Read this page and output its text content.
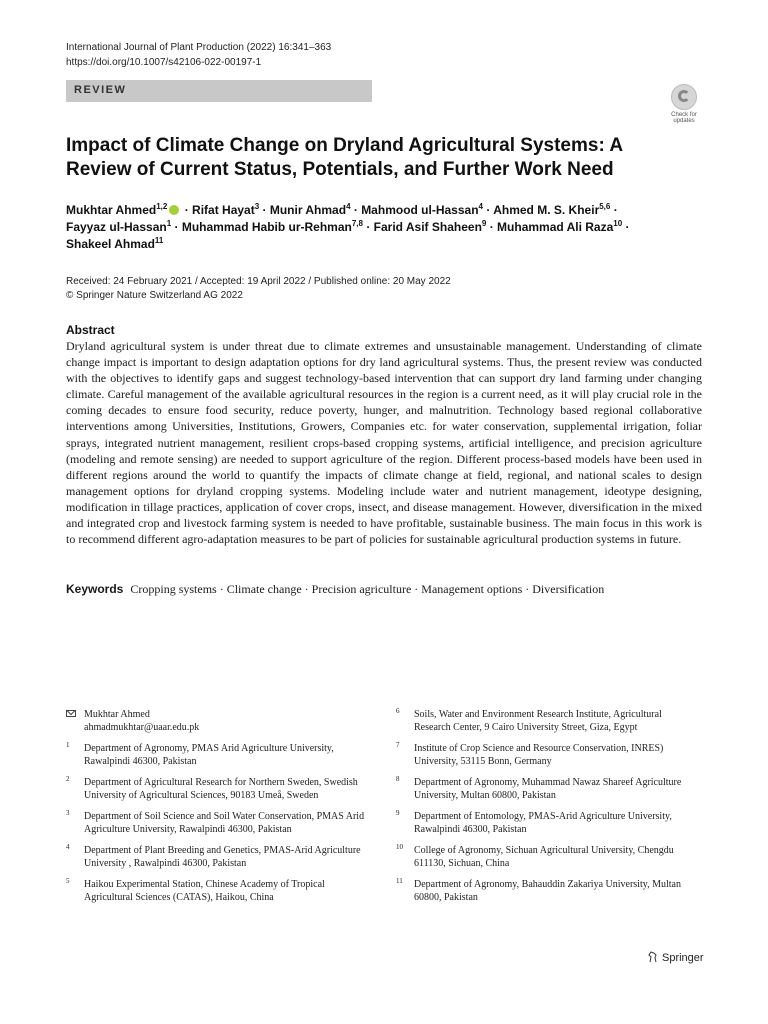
International Journal of Plant Production (2022) 16:341–363
https://doi.org/10.1007/s42106-022-00197-1
REVIEW
Check for updates
Impact of Climate Change on Dryland Agricultural Systems: A Review of Current Status, Potentials, and Further Work Need
Mukhtar Ahmed$^{1,2}$ · Rifat Hayat$^3$ · Munir Ahmad$^4$ · Mahmood ul-Hassan$^4$ · Ahmed M. S. Kheir$^{5,6}$ ·
Fayyaz ul-Hassan$^1$ · Muhammad Habib ur-Rehman$^{7,8}$ · Farid Asif Shaheen$^9$ · Muhammad Ali Raza$^{10}$ ·
Shakeel Ahmad$^{11}$
Received: 24 February 2021 / Accepted: 19 April 2022 / Published online: 20 May 2022
© Springer Nature Switzerland AG 2022
Abstract

Dryland agricultural system is under threat due to climate extremes and unsustainable management. Understanding of climate change impact is important to design adaptation options for dry land agricultural systems. Thus, the present review was conducted with the objectives to identify gaps and suggest technology-based intervention that can support dry land farming under changing climate. Careful management of the available agricultural resources in the region is a current need, as it will play crucial role in the coming decades to ensure food security, reduce poverty, hunger, and malnutrition. Technology based regional collaborative interventions among Universities, Institutions, Growers, Companies etc. for water conservation, supplemental irrigation, foliar sprays, integrated nutrient management, resilient crops-based cropping systems, artificial intelligence, and precision agriculture (modeling and remote sensing) are needed to support agriculture of the region. Different process-based models have been used in different regions around the world to quantify the impacts of climate change at field, regional, and national scales to design management options for dryland cropping systems. Modeling include water and nutrient management, ideotype designing, modification in tillage practices, application of cover crops, insect, and disease management. However, diversification in the mixed and integrated crop and livestock farming system is needed to have profitable, sustainable business. The main focus in this work is to recommend different agro-adaptation measures to be part of policies for sustainable agricultural production systems in future.

Keywords Cropping systems · Climate change · Precision agriculture · Management options · Diversification
Mukhtar Ahmed
ahmadmukhtar@uaar.edu.pk
1 Department of Agronomy, PMAS Arid Agriculture University, Rawalpindi 46300, Pakistan
2 Department of Agricultural Research for Northern Sweden, Swedish University of Agricultural Sciences, 90183 Umeå, Sweden
3 Department of Soil Science and Soil Water Conservation, PMAS Arid Agriculture University, Rawalpindi 46300, Pakistan
4 Department of Plant Breeding and Genetics, PMAS-Arid Agriculture University , Rawalpindi 46300, Pakistan
5 Haikou Experimental Station, Chinese Academy of Tropical Agricultural Sciences (CATAS), Haikou, China
6 Soils, Water and Environment Research Institute, Agricultural Research Center, 9 Cairo University Street, Giza, Egypt
7 Institute of Crop Science and Resource Conservation, INRES) University, 53115 Bonn, Germany
8 Department of Agronomy, Muhammad Nawaz Shareef Agriculture University, Multan 60800, Pakistan
9 Department of Entomology, PMAS-Arid Agriculture University, Rawalpindi 46300, Pakistan
10 College of Agronomy, Sichuan Agricultural University, Chengdu 611130, Sichuan, China
11 Department of Agronomy, Bahauddin Zakariya University, Multan 60800, Pakistan
Springer
